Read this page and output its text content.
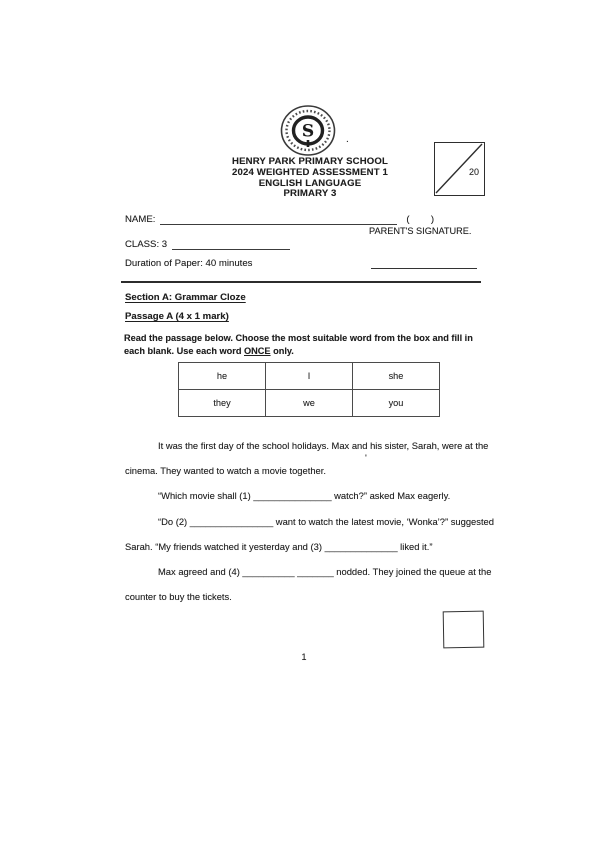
S
HENRY PARK PRIMARY SCHOOL
2024 WEIGHTED ASSESSMENT 1
ENGLISH LANGUAGE
PRIMARY 3
20
.
NAME:	(        )
PARENT'S SIGNATURE.
CLASS: 3
Duration of Paper: 40 minutes
Section A: Grammar Cloze
Passage A (4 x 1 mark)
Read the passage below. Choose the most suitable word from the box and fill in each blank. Use each word ONCE only.
he	I	she
they	we	you
It was the first day of the school holidays. Max and his sister, Sarah, were at the
cinema. They wanted to watch a movie together.
“Which movie shall (1) _______________ watch?” asked Max eagerly.
“Do (2) ________________ want to watch the latest movie, ‘Wonka’?” suggested
Sarah. “My friends watched it yesterday and (3) ______________ liked it.”
Max agreed and (4) __________ _______ nodded. They joined the queue at the
counter to buy the tickets.
'
1
